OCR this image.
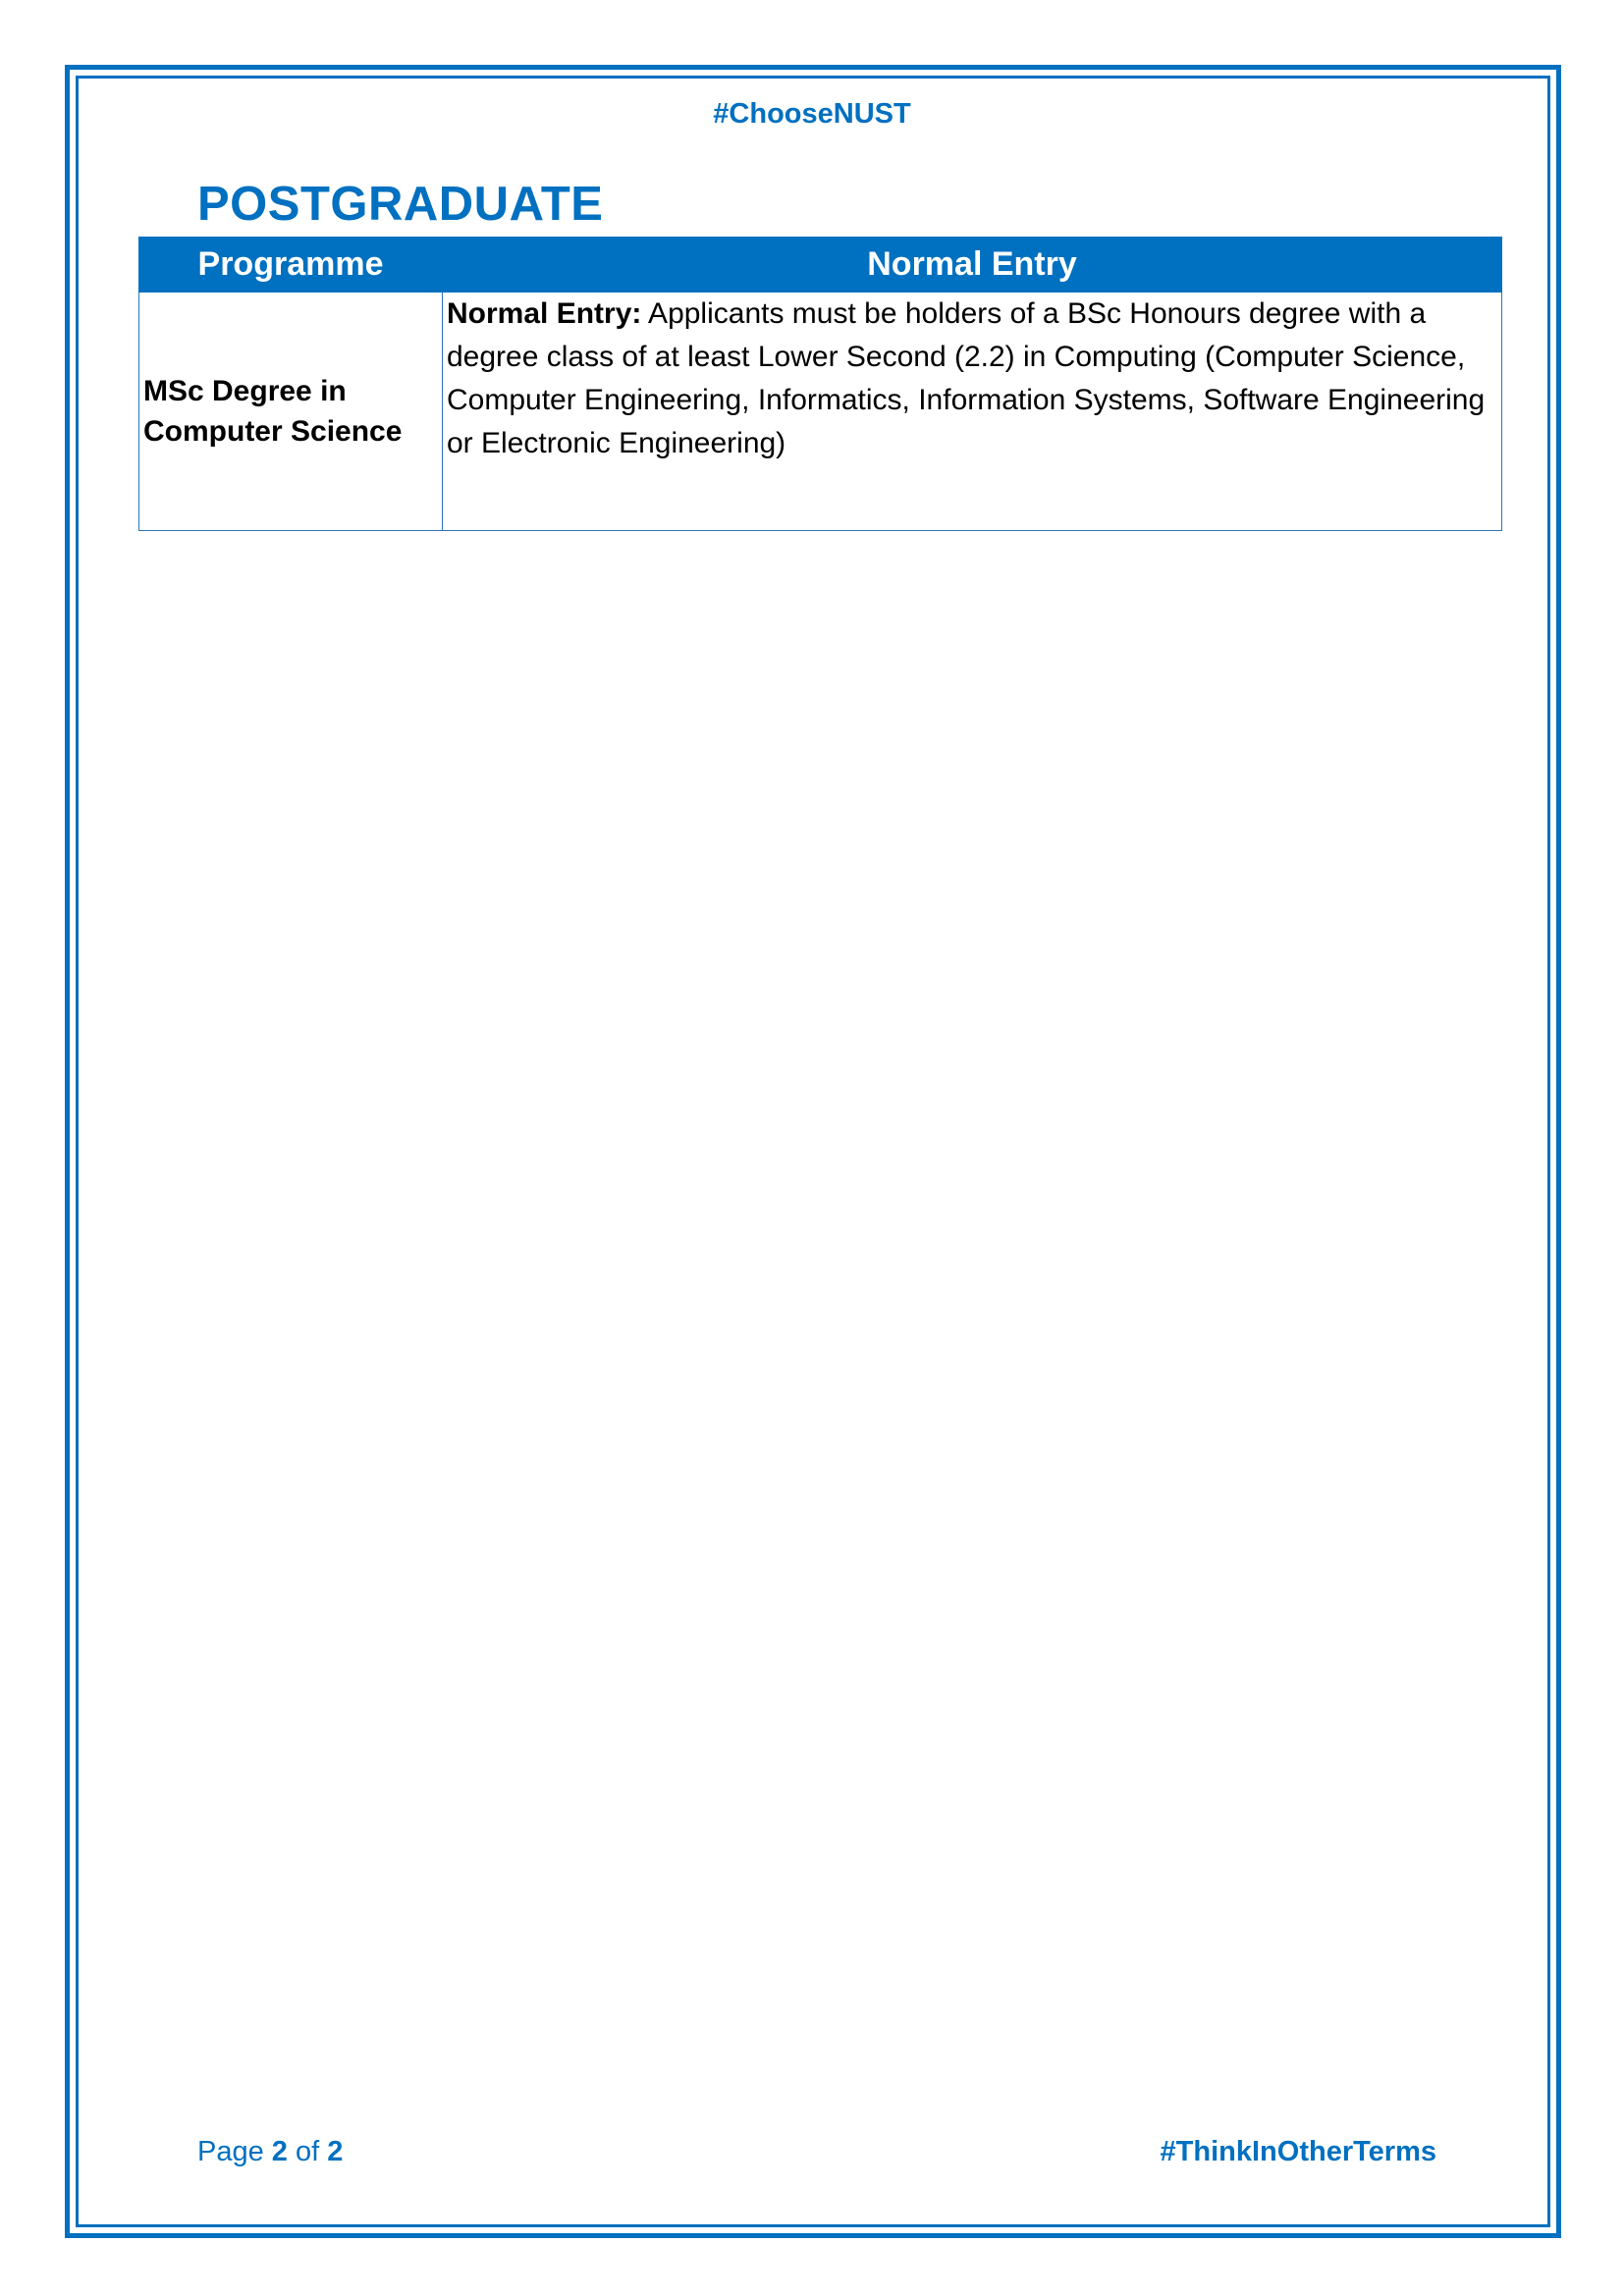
#ChooseNUST
POSTGRADUATE
Programme	Normal Entry
MSc Degree in Computer Science	Normal Entry: Applicants must be holders of a BSc Honours degree with a degree class of at least Lower Second (2.2) in Computing (Computer Science, Computer Engineering, Informatics, Information Systems, Software Engineering or Electronic Engineering)
Page 2 of 2	#ThinkInOtherTerms
